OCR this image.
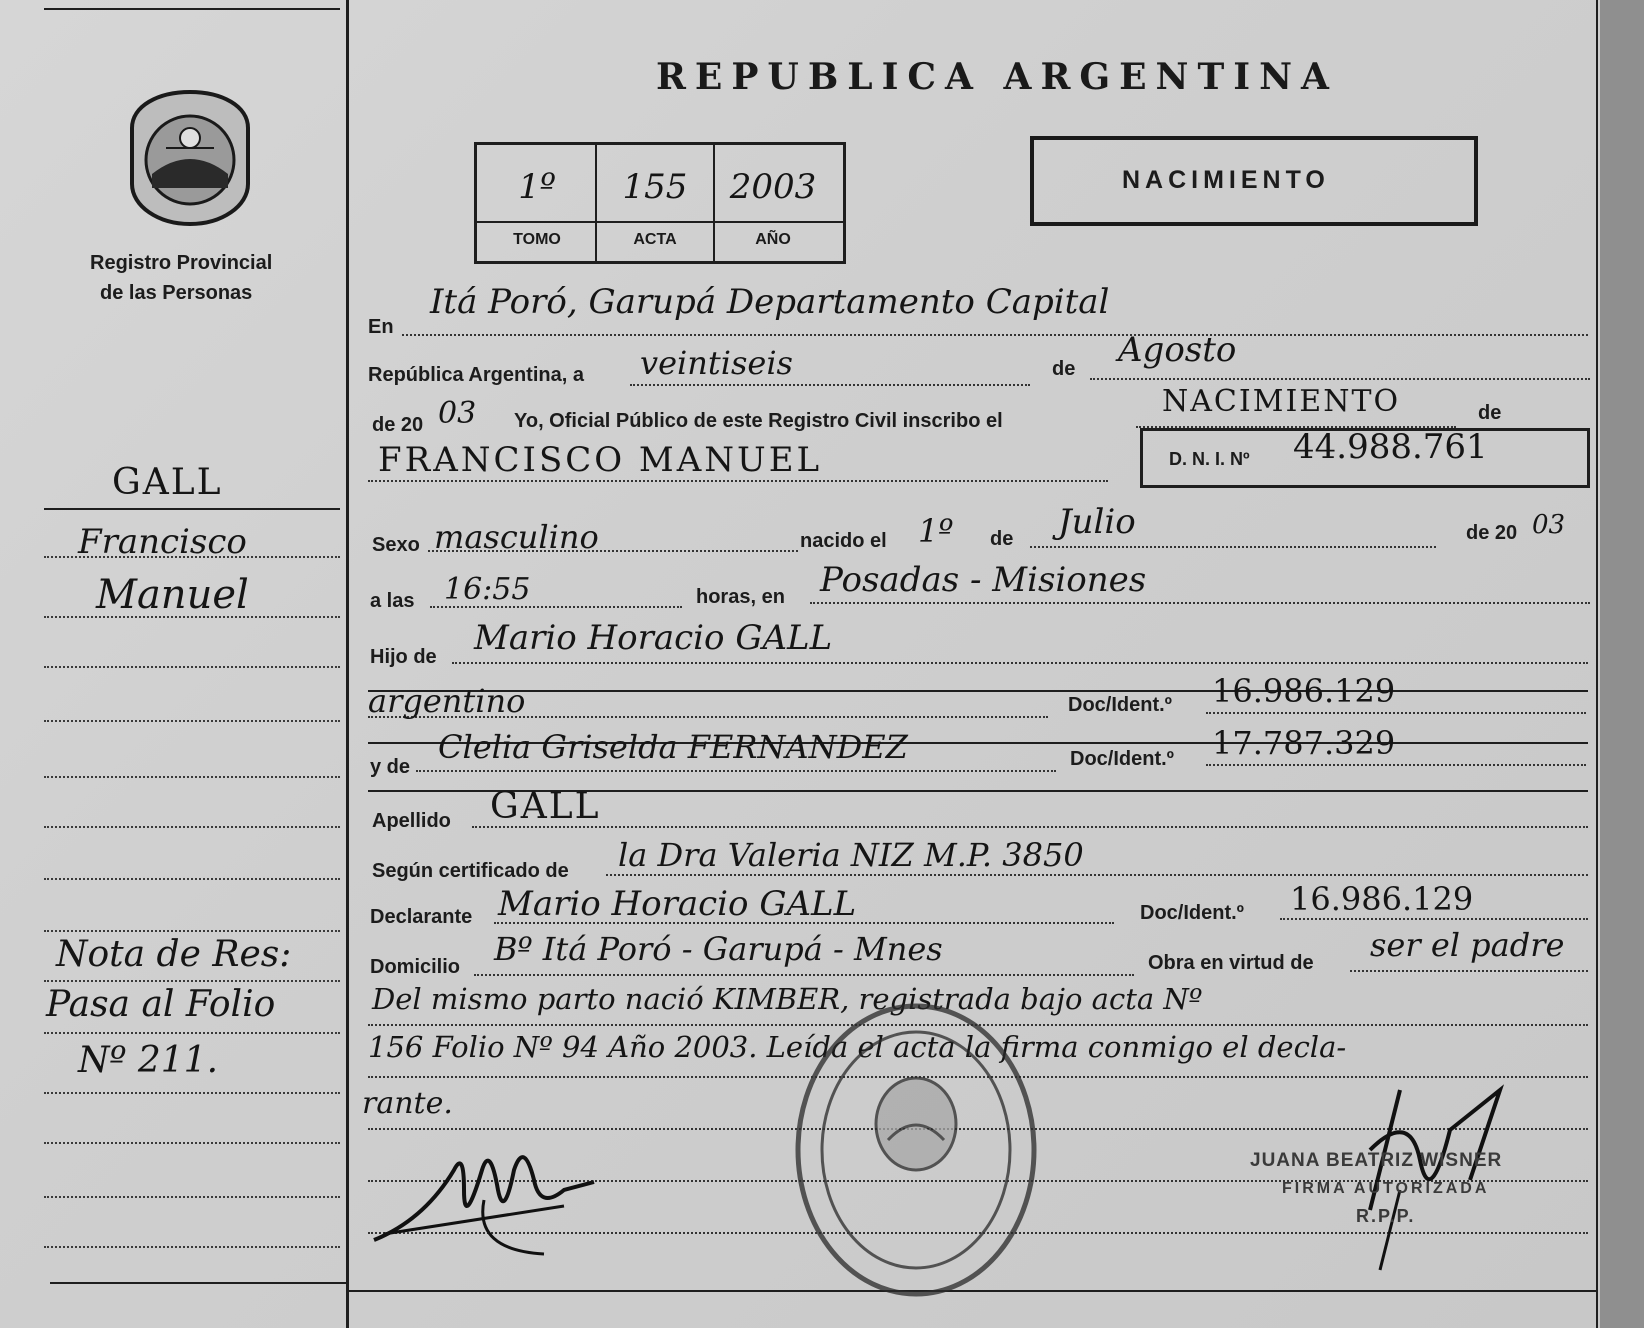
Registro Provincial
de las Personas
REPUBLICA ARGENTINA
1º	155	2003
TOMO	ACTA	AÑO
NACIMIENTO
GALL
Francisco
Manuel
Nota de Res:
Pasa al Folio
Nº 211.
En
Itá Poró, Garupá Departamento Capital
República Argentina, a veintiseis	de Agosto
de 20 03 Yo, Oficial Público de este Registro Civil inscribo el
NACIMIENTO	de
FRANCISCO MANUEL	D. N. I. Nº 44.988.761
Sexo masculino	nacido el 1º de Julio	de 20 03
a las 16:55	horas, en Posadas - Misiones
Hijo de Mario Horacio GALL
argentino	Doc/Ident.º 16.986.129
y de
Clelia Griselda FERNANDEZ	Doc/Ident.º 17.787.329
Apellido GALL
Según certificado de la Dra Valeria NIZ M.P. 3850
Declarante Mario Horacio GALL	Doc/Ident.º 16.986.129
Domicilio Bº Itá Poró - Garupá - Mnes	Obra en virtud de ser el padre
Del mismo parto nació KIMBER, registrada bajo acta Nº
156 Folio Nº 94 Año 2003. Leída el acta la firma conmigo el decla-
rante.
JUANA BEATRIZ WISNER
FIRMA AUTORIZADA
R.P.P.
